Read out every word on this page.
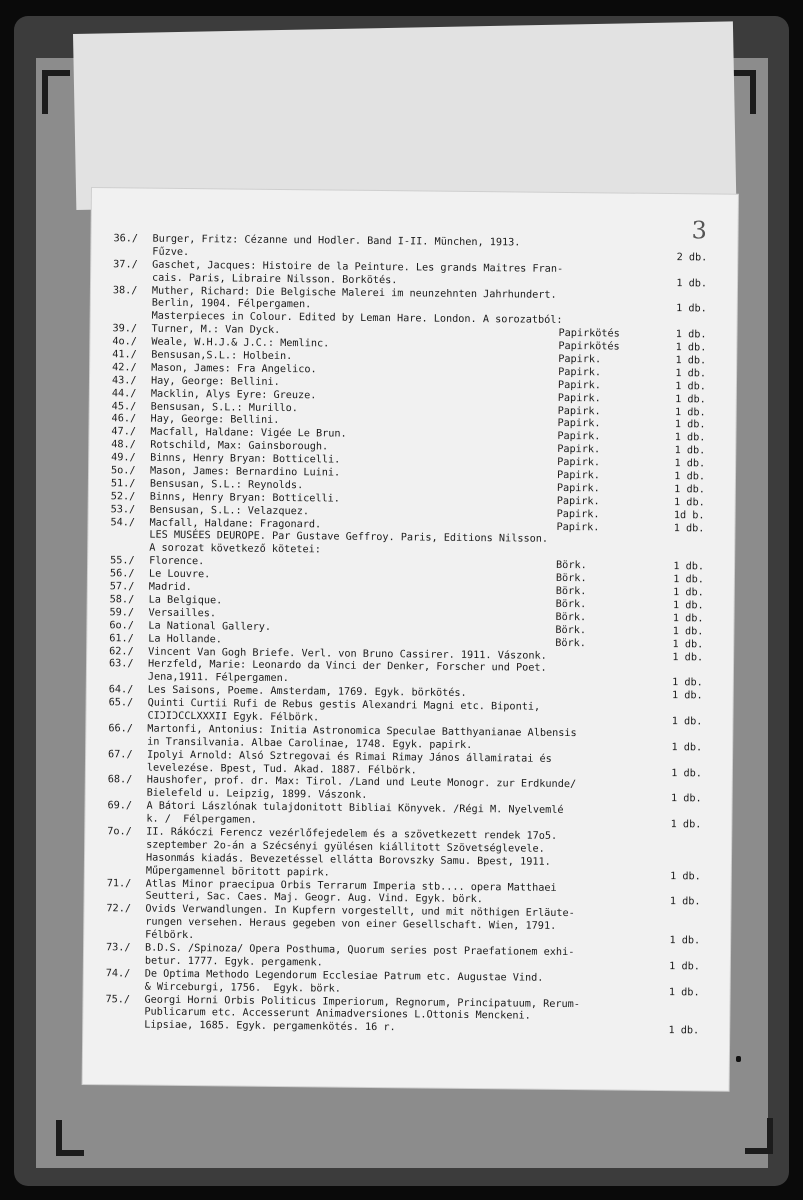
3
36./ Burger, Fritz: Cézanne und Hodler. Band I-II. München, 1913.
Fűzve.	2 db.
37./ Gaschet, Jacques: Histoire de la Peinture. Les grands Maitres Fran-
cais. Paris, Libraire Nilsson. Borkötés.	1 db.
38./ Muther, Richard: Die Belgische Malerei im neunzehnten Jahrhundert.
Berlin, 1904. Félpergamen.	1 db.
Masterpieces in Colour. Edited by Leman Hare. London. A sorozatból:
39./ Turner, M.: Van Dyck.	Papirkötés	1 db.
4o./ Weale, W.H.J.& J.C.: Memlinc.	Papirkötés	1 db.
41./ Bensusan,S.L.: Holbein.	Papirk.	1 db.
42./ Mason, James: Fra Angelico.	Papirk.	1 db.
43./ Hay, George: Bellini.	Papirk.	1 db.
44./ Macklin, Alys Eyre: Greuze.	Papirk.	1 db.
45./ Bensusan, S.L.: Murillo.	Papirk.	1 db.
46./ Hay, George: Bellini.	Papirk.	1 db.
47./ Macfall, Haldane: Vigée Le Brun.	Papirk.	1 db.
48./ Rotschild, Max: Gainsborough.	Papirk.	1 db.
49./ Binns, Henry Bryan: Botticelli.	Papirk.	1 db.
5o./ Mason, James: Bernardino Luini.	Papirk.	1 db.
51./ Bensusan, S.L.: Reynolds.	Papirk.	1 db.
52./ Binns, Henry Bryan: Botticelli.	Papirk.	1 db.
53./ Bensusan, S.L.: Velazquez.	Papirk.	1d b.
54./ Macfall, Haldane: Fragonard.	Papirk.	1 db.
LES MUSÉES DEUROPE. Par Gustave Geffroy. Paris, Editions Nilsson.
A sorozat következő kötetei:
55./ Florence.	Börk.	1 db.
56./ Le Louvre.	Börk.	1 db.
57./ Madrid.	Börk.	1 db.
58./ La Belgique.	Börk.	1 db.
59./ Versailles.	Börk.	1 db.
6o./ La National Gallery.	Börk.	1 db.
61./ La Hollande.	Börk.	1 db.
62./ Vincent Van Gogh Briefe. Verl. von Bruno Cassirer. 1911. Vászonk.	1 db.
63./ Herzfeld, Marie: Leonardo da Vinci der Denker, Forscher und Poet.
Jena,1911. Félpergamen.	1 db.
64./ Les Saisons, Poeme. Amsterdam, 1769. Egyk. börkötés.	1 db.
65./ Quinti Curtii Rufi de Rebus gestis Alexandri Magni etc. Biponti,
CIƆIƆCCLXXXII Egyk. Félbörk.	1 db.
66./ Martonfi, Antonius: Initia Astronomica Speculae Batthyanianae Albensis
in Transilvania. Albae Carolinae, 1748. Egyk. papirk.	1 db.
67./ Ipolyi Arnold: Alsó Sztregovai és Rimai Rimay János államiratai és
levelezése. Bpest, Tud. Akad. 1887. Félbörk.	1 db.
68./ Haushofer, prof. dr. Max: Tirol. /Land und Leute Monogr. zur Erdkunde/
Bielefeld u. Leipzig, 1899. Vászonk.	1 db.
69./ A Bátori Lászlónak tulajdonitott Bibliai Könyvek. /Régi M. Nyelvemlé
k. /  Félpergamen.	1 db.
7o./ II. Rákóczi Ferencz vezérlőfejedelem és a szövetkezett rendek 17o5.
szeptember 2o-án a Szécsényi gyülésen kiállitott Szövetséglevele.
Hasonmás kiadás. Bevezetéssel ellátta Borovszky Samu. Bpest, 1911.
Műpergamennel böritott papirk.	1 db.
71./ Atlas Minor praecipua Orbis Terrarum Imperia stb.... opera Matthaei
Seutteri, Sac. Caes. Maj. Geogr. Aug. Vind. Egyk. börk.	1 db.
72./ Ovids Verwandlungen. In Kupfern vorgestellt, und mit nöthigen Erläute-
rungen versehen. Heraus gegeben von einer Gesellschaft. Wien, 1791.
Félbörk.	1 db.
73./ B.D.S. /Spinoza/ Opera Posthuma, Quorum series post Praefationem exhi-
betur. 1777. Egyk. pergamenk.	1 db.
74./ De Optima Methodo Legendorum Ecclesiae Patrum etc. Augustae Vind.
& Wirceburgi, 1756.  Egyk. börk.	1 db.
75./ Georgi Horni Orbis Politicus Imperiorum, Regnorum, Principatuum, Rerum-
Publicarum etc. Accesserunt Animadversiones L.Ottonis Menckeni.
Lipsiae, 1685. Egyk. pergamenkötés. 16 r.	1 db.
